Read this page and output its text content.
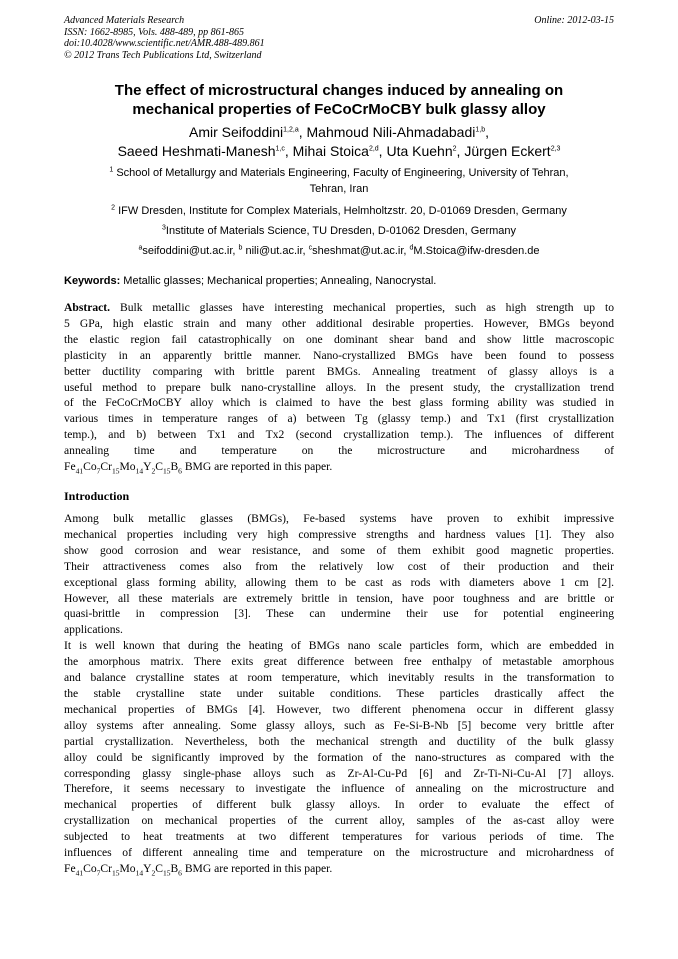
Advanced Materials Research
ISSN: 1662-8985, Vols. 488-489, pp 861-865
doi:10.4028/www.scientific.net/AMR.488-489.861
© 2012 Trans Tech Publications Ltd, Switzerland
Online: 2012-03-15
The effect of microstructural changes induced by annealing on
mechanical properties of FeCoCrMoCBY bulk glassy alloy
Amir Seifoddini$^{1,2,a}$, Mahmoud Nili-Ahmadabadi$^{1,b}$,
Saeed Heshmati-Manesh$^{1,c}$, Mihai Stoica$^{2,d}$, Uta Kuehn$^2$, Jürgen Eckert$^{2,3}$
$^1$ School of Metallurgy and Materials Engineering, Faculty of Engineering, University of Tehran,
Tehran, Iran
$^2$ IFW Dresden, Institute for Complex Materials, Helmholtzstr. 20, D-01069 Dresden, Germany
$^3$Institute of Materials Science, TU Dresden, D-01062 Dresden, Germany
$^a$seifoddini@ut.ac.ir, $^b$ nili@ut.ac.ir, $^c$sheshmat@ut.ac.ir, $^d$M.Stoica@ifw-dresden.de
Keywords: Metallic glasses; Mechanical properties; Annealing, Nanocrystal.
Abstract. Bulk metallic glasses have interesting mechanical properties, such as high strength up to
5 GPa, high elastic strain and many other additional desirable properties. However, BMGs beyond
the elastic region fail catastrophically on one dominant shear band and show little macroscopic
plasticity in an apparently brittle manner. Nano-crystallized BMGs have been found to possess
better ductility comparing with brittle parent BMGs. Annealing treatment of glassy alloys is a
useful method to prepare bulk nano-crystalline alloys. In the present study, the crystallization trend
of the FeCoCrMoCBY alloy which is claimed to have the best glass forming ability was studied in
various times in temperature ranges of a) between Tg (glassy temp.) and Tx1 (first crystallization
temp.), and b) between Tx1 and Tx2 (second crystallization temp.). The influences of different
annealing time and temperature on the microstructure and microhardness of
$Fe_{41}Co_7Cr_{15}Mo_{14}Y_2C_{15}B_6$ BMG are reported in this paper.
Introduction
Among bulk metallic glasses (BMGs), Fe-based systems have proven to exhibit impressive
mechanical properties including very high compressive strengths and hardness values [1]. They also
show good corrosion and wear resistance, and some of them exhibit good magnetic properties.
Their attractiveness comes also from the relatively low cost of their production and their
exceptional glass forming ability, allowing them to be cast as rods with diameters above 1 cm [2].
However, all these materials are extremely brittle in tension, have poor toughness and are brittle or
quasi-brittle in compression [3]. These can undermine their use for potential engineering
applications.
It is well known that during the heating of BMGs nano scale particles form, which are embedded in
the amorphous matrix. There exits great difference between free enthalpy of metastable amorphous
and balance crystalline states at room temperature, which inevitably results in the transformation to
the stable crystalline state under suitable conditions. These particles drastically affect the
mechanical properties of BMGs [4]. However, two different phenomena occur in different glassy
alloy systems after annealing. Some glassy alloys, such as Fe-Si-B-Nb [5] become very brittle after
partial crystallization. Nevertheless, both the mechanical strength and ductility of the bulk glassy
alloy could be significantly improved by the formation of the nano-structures as compared with the
corresponding glassy single-phase alloys such as Zr-Al-Cu-Pd [6] and Zr-Ti-Ni-Cu-Al [7] alloys.
Therefore, it seems necessary to investigate the influence of annealing on the microstructure and
mechanical properties of different bulk glassy alloys. In order to evaluate the effect of
crystallization on mechanical properties of the current alloy, samples of the as-cast alloy were
subjected to heat treatments at two different temperatures for various periods of time. The
influences of different annealing time and temperature on the microstructure and microhardness of
$Fe_{41}Co_7Cr_{15}Mo_{14}Y_2C_{15}B_6$ BMG are reported in this paper.
